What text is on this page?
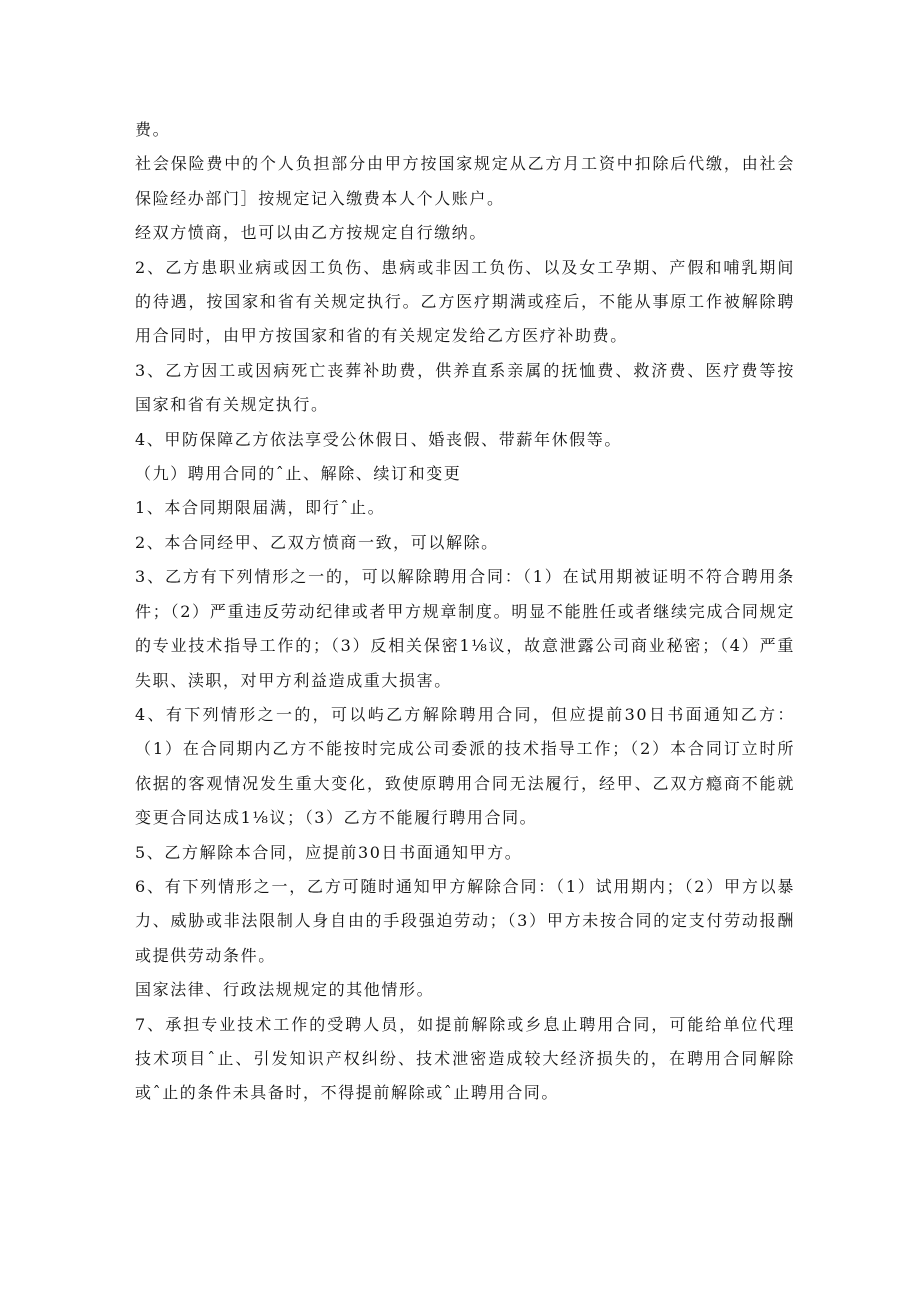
费。

社会保险费中的个人负担部分由甲方按国家规定从乙方月工资中扣除后代缴，由社会保险经办部门］按规定记入缴费本人个人账户。

经双方愤商，也可以由乙方按规定自行缴纳。

2、乙方患职业病或因工负伤、患病或非因工负伤、以及女工孕期、产假和哺乳期间的待遇，按国家和省有关规定执行。乙方医疗期满或痊后，不能从事原工作被解除聘用合同时，由甲方按国家和省的有关规定发给乙方医疗补助费。

3、乙方因工或因病死亡丧葬补助费，供养直系亲属的抚恤费、救济费、医疗费等按国家和省有关规定执行。

4、甲防保障乙方依法享受公休假日、婚丧假、带薪年休假等。

（九）聘用合同的ˆ止、解除、续订和变更

1、本合同期限届满，即行ˆ止。

2、本合同经甲、乙双方愤商一致，可以解除。

3、乙方有下列情形之一的，可以解除聘用合同：（1）在试用期被证明不符合聘用条件；（2）严重违反劳动纪律或者甲方规章制度。明显不能胜任或者继续完成合同规定的专业技术指导工作的；（3）反相关保密1⅛议，故意泄露公司商业秘密；（4）严重失职、渎职，对甲方利益造成重大损害。

4、有下列情形之一的，可以屿乙方解除聘用合同，但应提前30日书面通知乙方：（1）在合同期内乙方不能按时完成公司委派的技术指导工作；（2）本合同订立时所依据的客观情况发生重大变化，致使原聘用合同无法履行，经甲、乙双方瘾商不能就变更合同达成1⅛议；（3）乙方不能履行聘用合同。

5、乙方解除本合同，应提前30日书面通知甲方。

6、有下列情形之一，乙方可随时通知甲方解除合同：（1）试用期内；（2）甲方以暴力、威胁或非法限制人身自由的手段强迫劳动；（3）甲方未按合同的定支付劳动报酬或提供劳动条件。

国家法律、行政法规规定的其他情形。

7、承担专业技术工作的受聘人员，如提前解除或乡息止聘用合同，可能给单位代理技术项目ˆ止、引发知识产权纠纷、技术泄密造成较大经济损失的，在聘用合同解除或ˆ止的条件未具备时，不得提前解除或ˆ止聘用合同。
